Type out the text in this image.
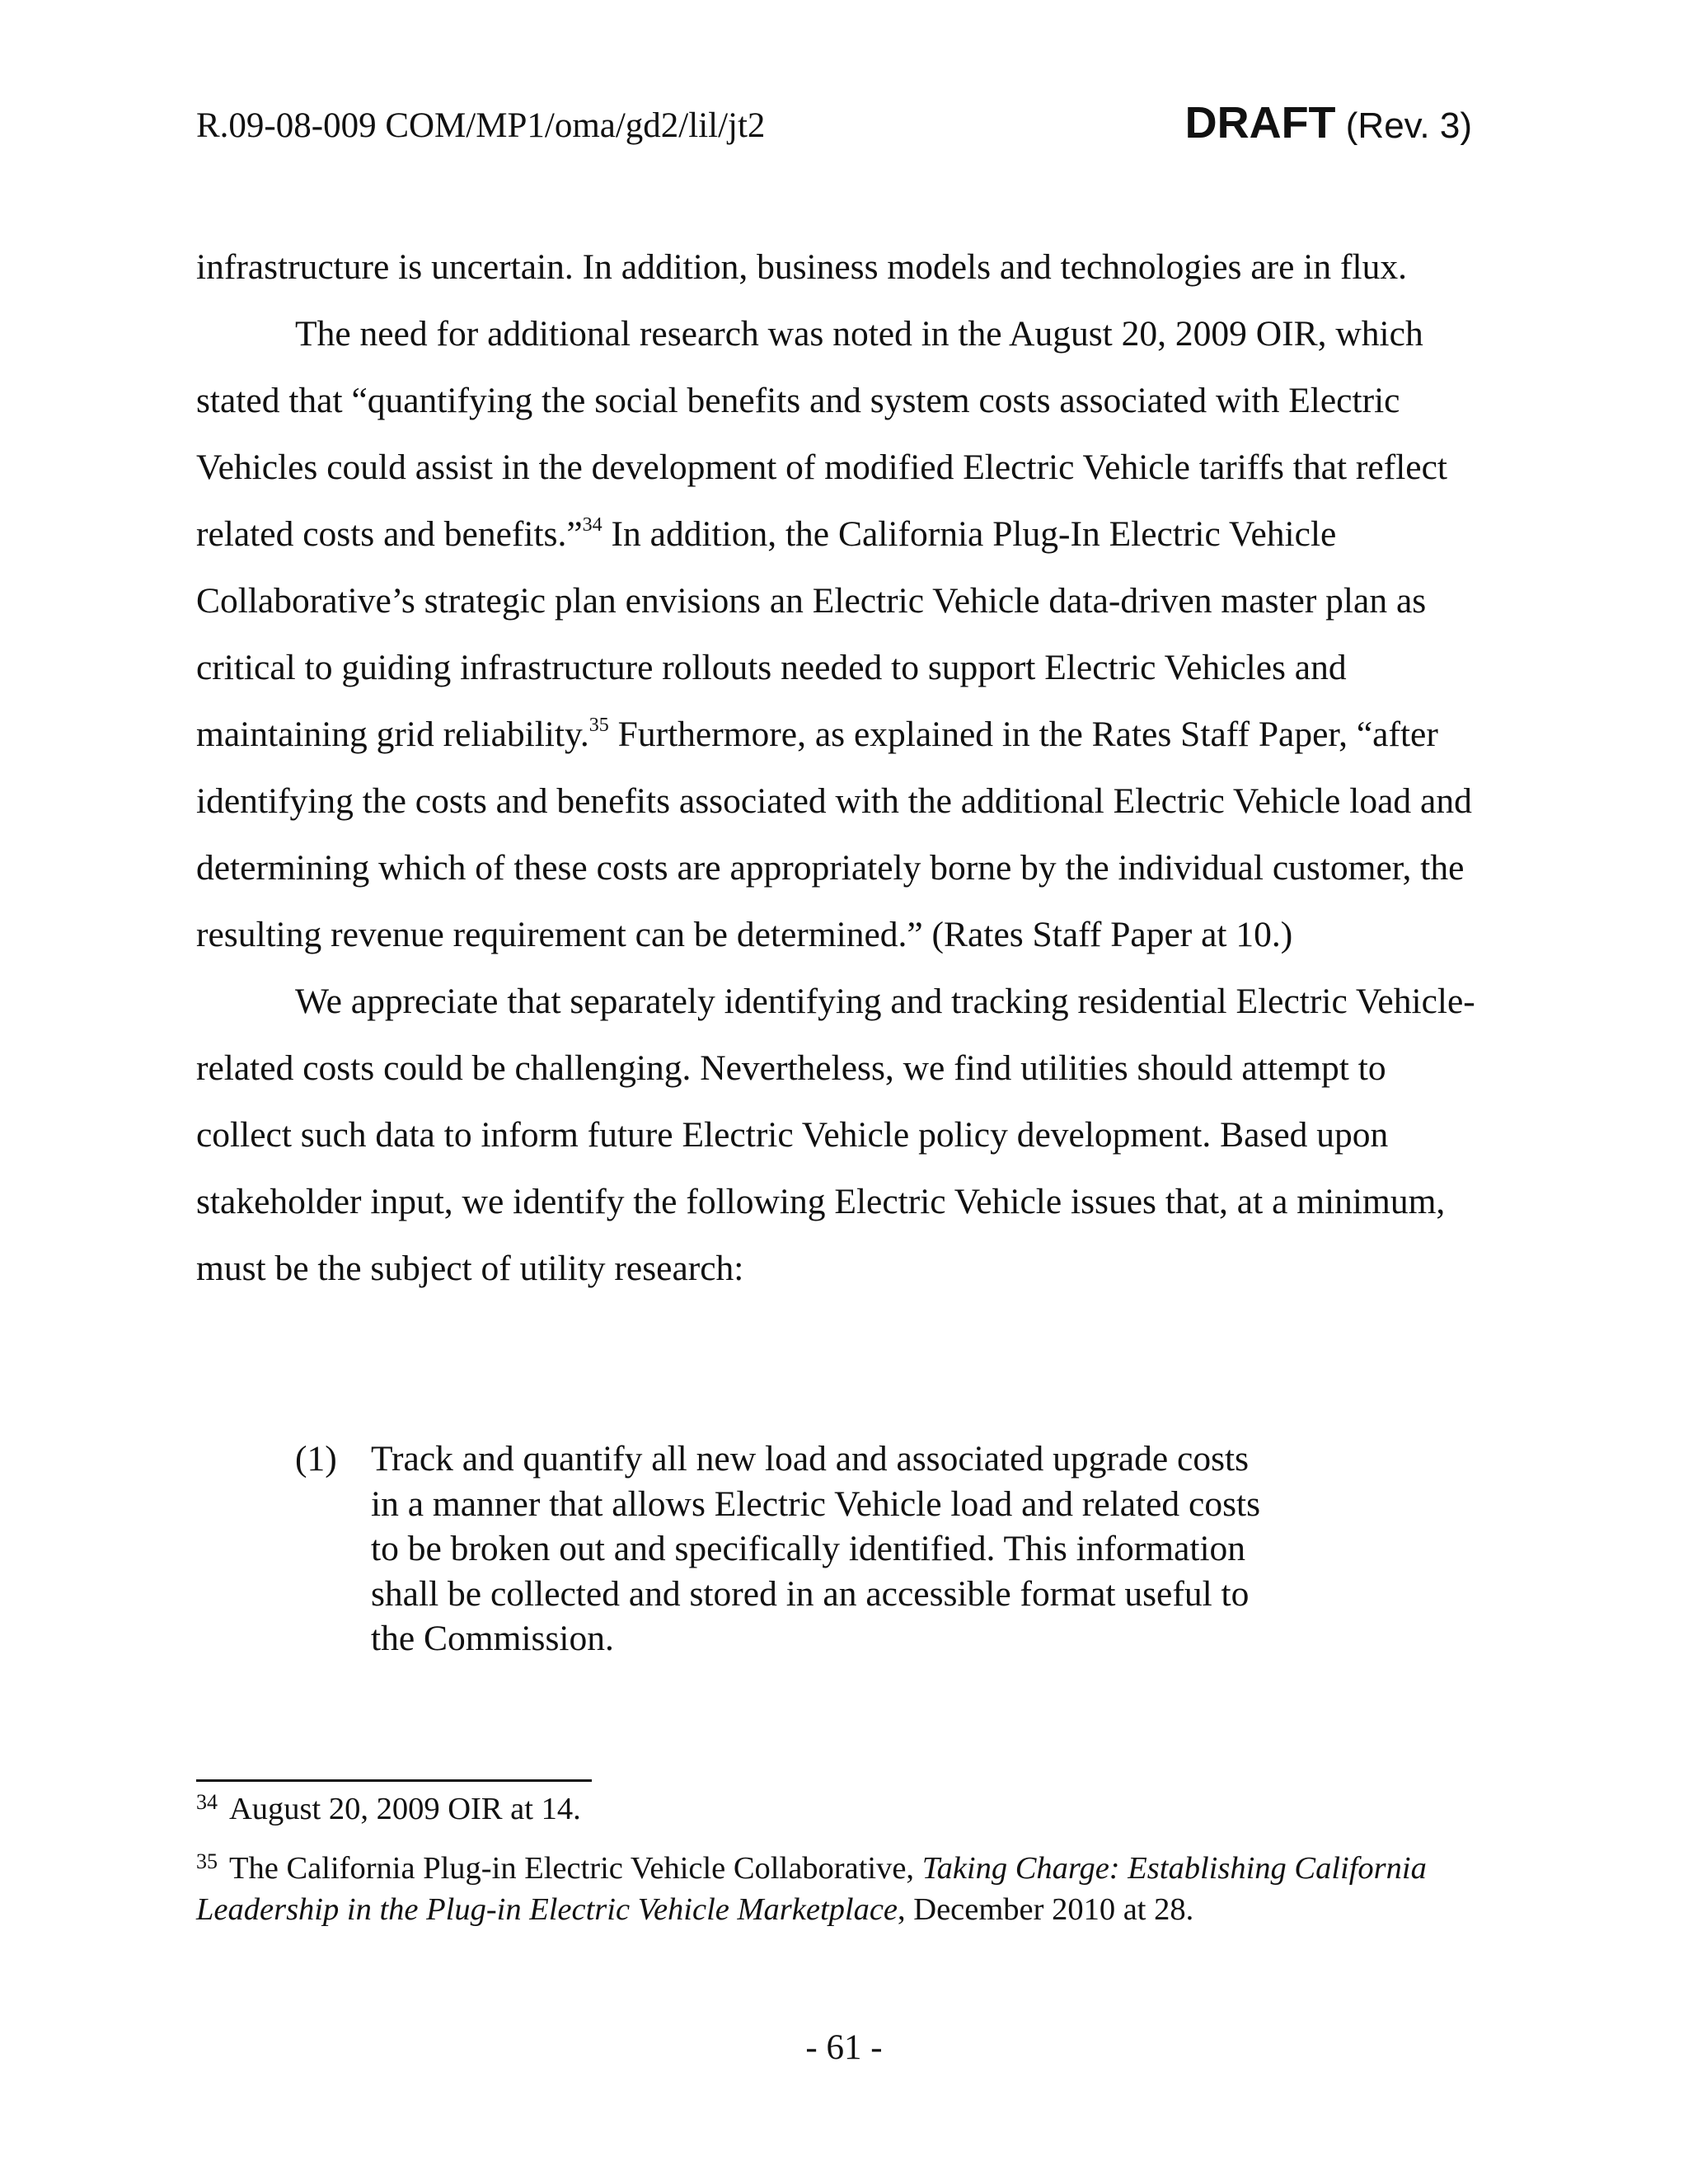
R.09-08-009 COM/MP1/oma/gd2/lil/jt2	DRAFT (Rev. 3)

infrastructure is uncertain. In addition, business models and technologies are in flux.

The need for additional research was noted in the August 20, 2009 OIR, which stated that “quantifying the social benefits and system costs associated with Electric Vehicles could assist in the development of modified Electric Vehicle tariffs that reflect related costs and benefits.”$^{34}$ In addition, the California Plug-In Electric Vehicle Collaborative’s strategic plan envisions an Electric Vehicle data-driven master plan as critical to guiding infrastructure rollouts needed to support Electric Vehicles and maintaining grid reliability.$^{35}$ Furthermore, as explained in the Rates Staff Paper, “after identifying the costs and benefits associated with the additional Electric Vehicle load and determining which of these costs are appropriately borne by the individual customer, the resulting revenue requirement can be determined.” (Rates Staff Paper at 10.)

We appreciate that separately identifying and tracking residential Electric Vehicle-related costs could be challenging. Nevertheless, we find utilities should attempt to collect such data to inform future Electric Vehicle policy development. Based upon stakeholder input, we identify the following Electric Vehicle issues that, at a minimum, must be the subject of utility research:

(1) Track and quantify all new load and associated upgrade costs in a manner that allows Electric Vehicle load and related costs to be broken out and specifically identified. This information shall be collected and stored in an accessible format useful to the Commission.

$^{34}$ August 20, 2009 OIR at 14.

$^{35}$ The California Plug-in Electric Vehicle Collaborative, Taking Charge: Establishing California Leadership in the Plug-in Electric Vehicle Marketplace, December 2010 at 28.

- 61 -
